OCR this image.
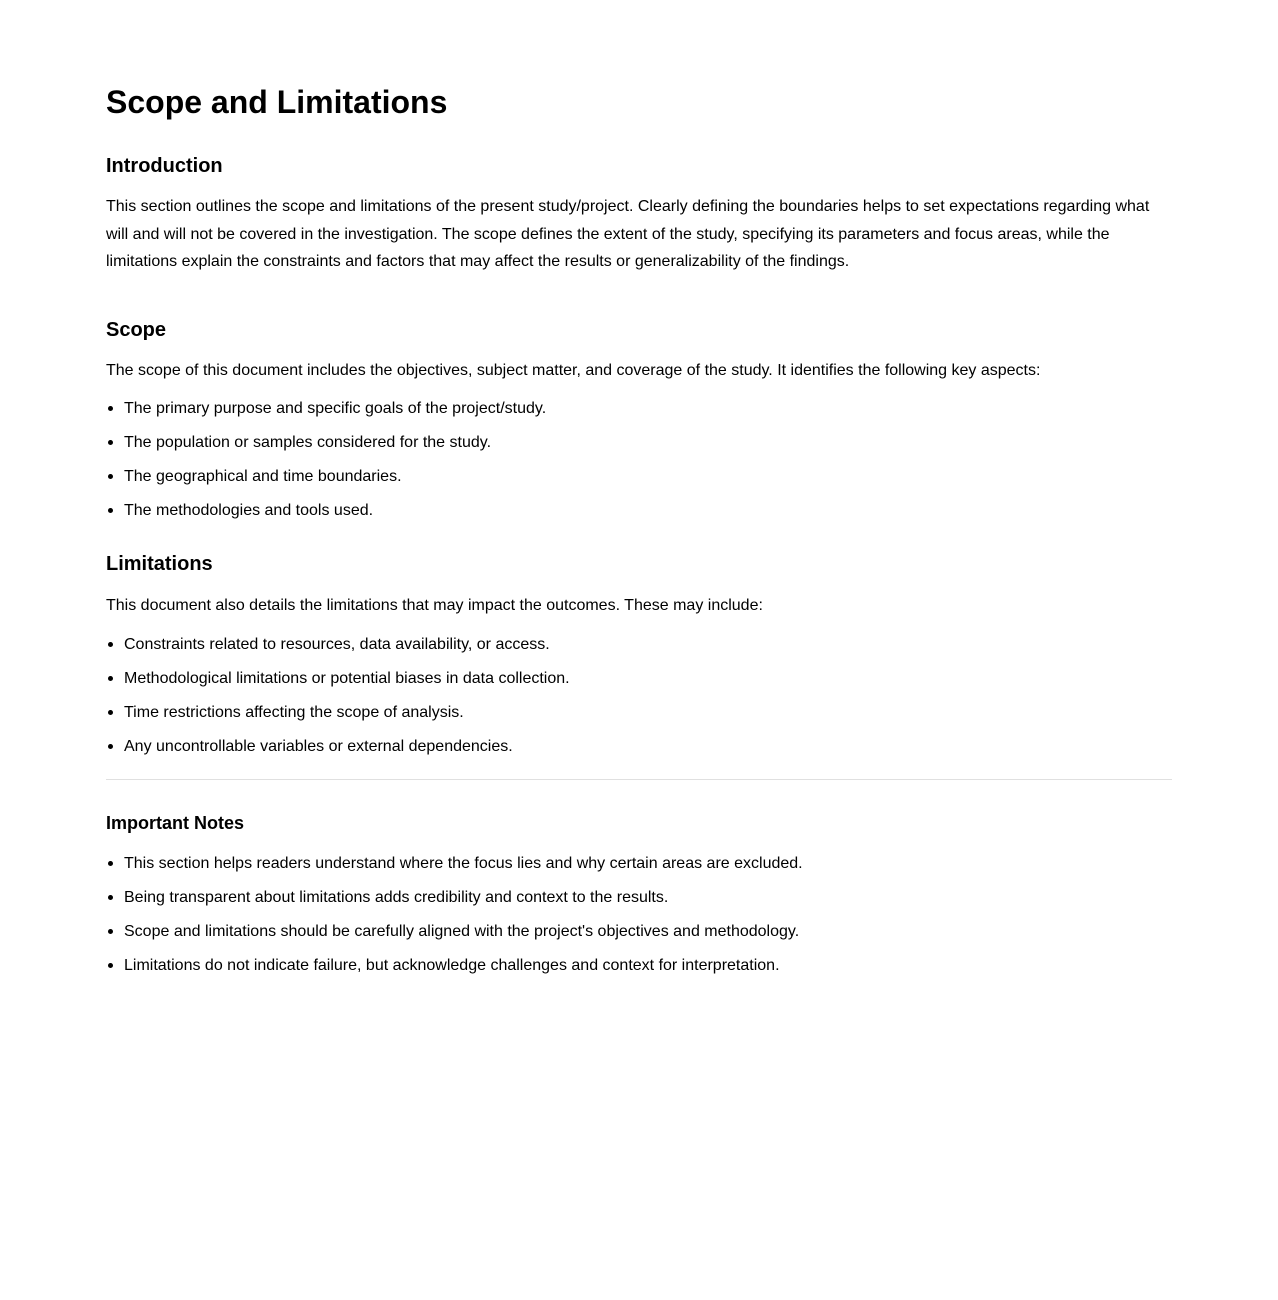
Scope and Limitations
Introduction

This section outlines the scope and limitations of the present study/project. Clearly defining the boundaries helps to set expectations regarding what will and will not be covered in the investigation. The scope defines the extent of the study, specifying its parameters and focus areas, while the limitations explain the constraints and factors that may affect the results or generalizability of the findings.

Scope

The scope of this document includes the objectives, subject matter, and coverage of the study. It identifies the following key aspects:

The primary purpose and specific goals of the project/study.
The population or samples considered for the study.
The geographical and time boundaries.
The methodologies and tools used.
Limitations

This document also details the limitations that may impact the outcomes. These may include:

Constraints related to resources, data availability, or access.
Methodological limitations or potential biases in data collection.
Time restrictions affecting the scope of analysis.
Any uncontrollable variables or external dependencies.
Important Notes
This section helps readers understand where the focus lies and why certain areas are excluded.
Being transparent about limitations adds credibility and context to the results.
Scope and limitations should be carefully aligned with the project's objectives and methodology.
Limitations do not indicate failure, but acknowledge challenges and context for interpretation.
